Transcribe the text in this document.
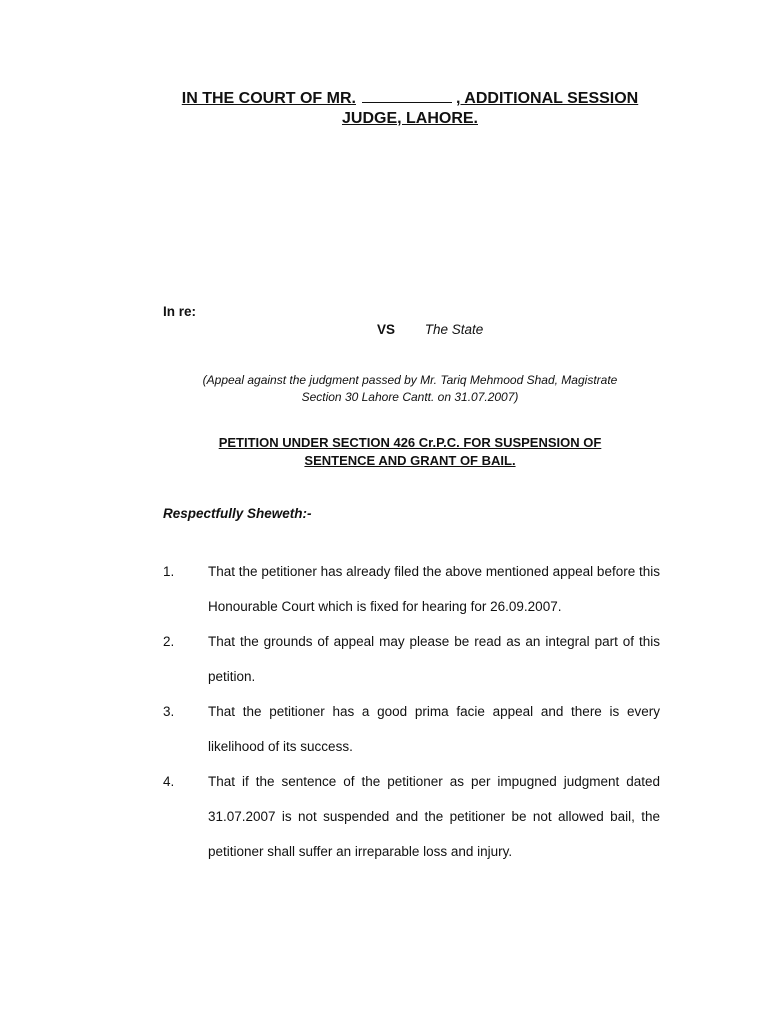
IN THE COURT OF MR.	, ADDITIONAL SESSION
JUDGE, LAHORE.
In re:
VS The State
(Appeal against the judgment passed by Mr. Tariq Mehmood Shad, Magistrate
Section 30 Lahore Cantt. on 31.07.2007)
PETITION UNDER SECTION 426 Cr.P.C. FOR SUSPENSION OF
SENTENCE AND GRANT OF BAIL.
Respectfully Sheweth:-
1.	That the petitioner has already filed the above mentioned appeal before this Honourable Court which is fixed for hearing for 26.09.2007.
2.	That the grounds of appeal may please be read as an integral part of this petition.
3.	That the petitioner has a good prima facie appeal and there is every likelihood of its success.
4.	That if the sentence of the petitioner as per impugned judgment dated 31.07.2007 is not suspended and the petitioner be not allowed bail, the petitioner shall suffer an irreparable loss and injury.
